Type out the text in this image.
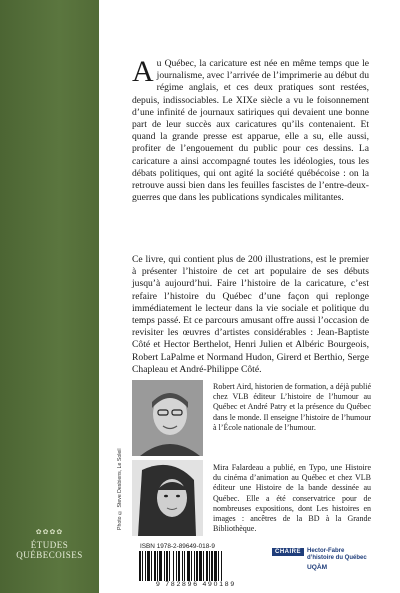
✿✿✿✿
ÉTUDES
QUÉBECOISES

Au Québec, la caricature est née en même temps que le journalisme, avec l’arrivée de l’imprimerie au début du régime anglais, et ces deux pratiques sont restées, depuis, indissociables. Le XIXe siècle a vu le foisonnement d’une infinité de journaux satiriques qui devaient une bonne part de leur succès aux caricatures qu’ils contenaient. Et quand la grande presse est apparue, elle a su, elle aussi, profiter de l’engouement du public pour ces dessins. La caricature a ainsi accompagné toutes les idéologies, tous les débats politiques, qui ont agité la société québécoise : on la retrouve aussi bien dans les feuilles fascistes de l’entre-deux-guerres que dans les publications syndicales militantes.

Ce livre, qui contient plus de 200 illustrations, est le premier à présenter l’histoire de cet art populaire de ses débuts jusqu’à aujourd’hui. Faire l’histoire de la caricature, c’est refaire l’histoire du Québec d’une façon qui replonge immédiatement le lecteur dans la vie sociale et politique du temps passé. Et ce parcours amusant offre aussi l’occasion de revisiter les œuvres d’artistes considérables : Jean-Baptiste Côté et Hector Berthelot, Henri Julien et Albéric Bourgeois, Robert LaPalme et Normand Hudon, Girerd et Berthio, Serge Chapleau et André-Philippe Côté.

Photo © Steve Desbiens, Le Soleil

Robert Aird, historien de formation, a déjà publié chez VLB éditeur L’histoire de l’humour au Québec et André Patry et la présence du Québec dans le monde. Il enseigne l’histoire de l’humour à l’École nationale de l’humour.

Mira Falardeau a publié, en Typo, une Histoire du cinéma d’animation au Québec et chez VLB éditeur une Histoire de la bande dessinée au Québec. Elle a été conservatrice pour de nombreuses expositions, dont Les histoires en images : ancêtres de la BD à la Grande Bibliothèque.

ISBN 1978-2-89649-018-9
9 782896 490189
CHAIRE Hector-Fabre
d’histoire du Québec
UQÀM
